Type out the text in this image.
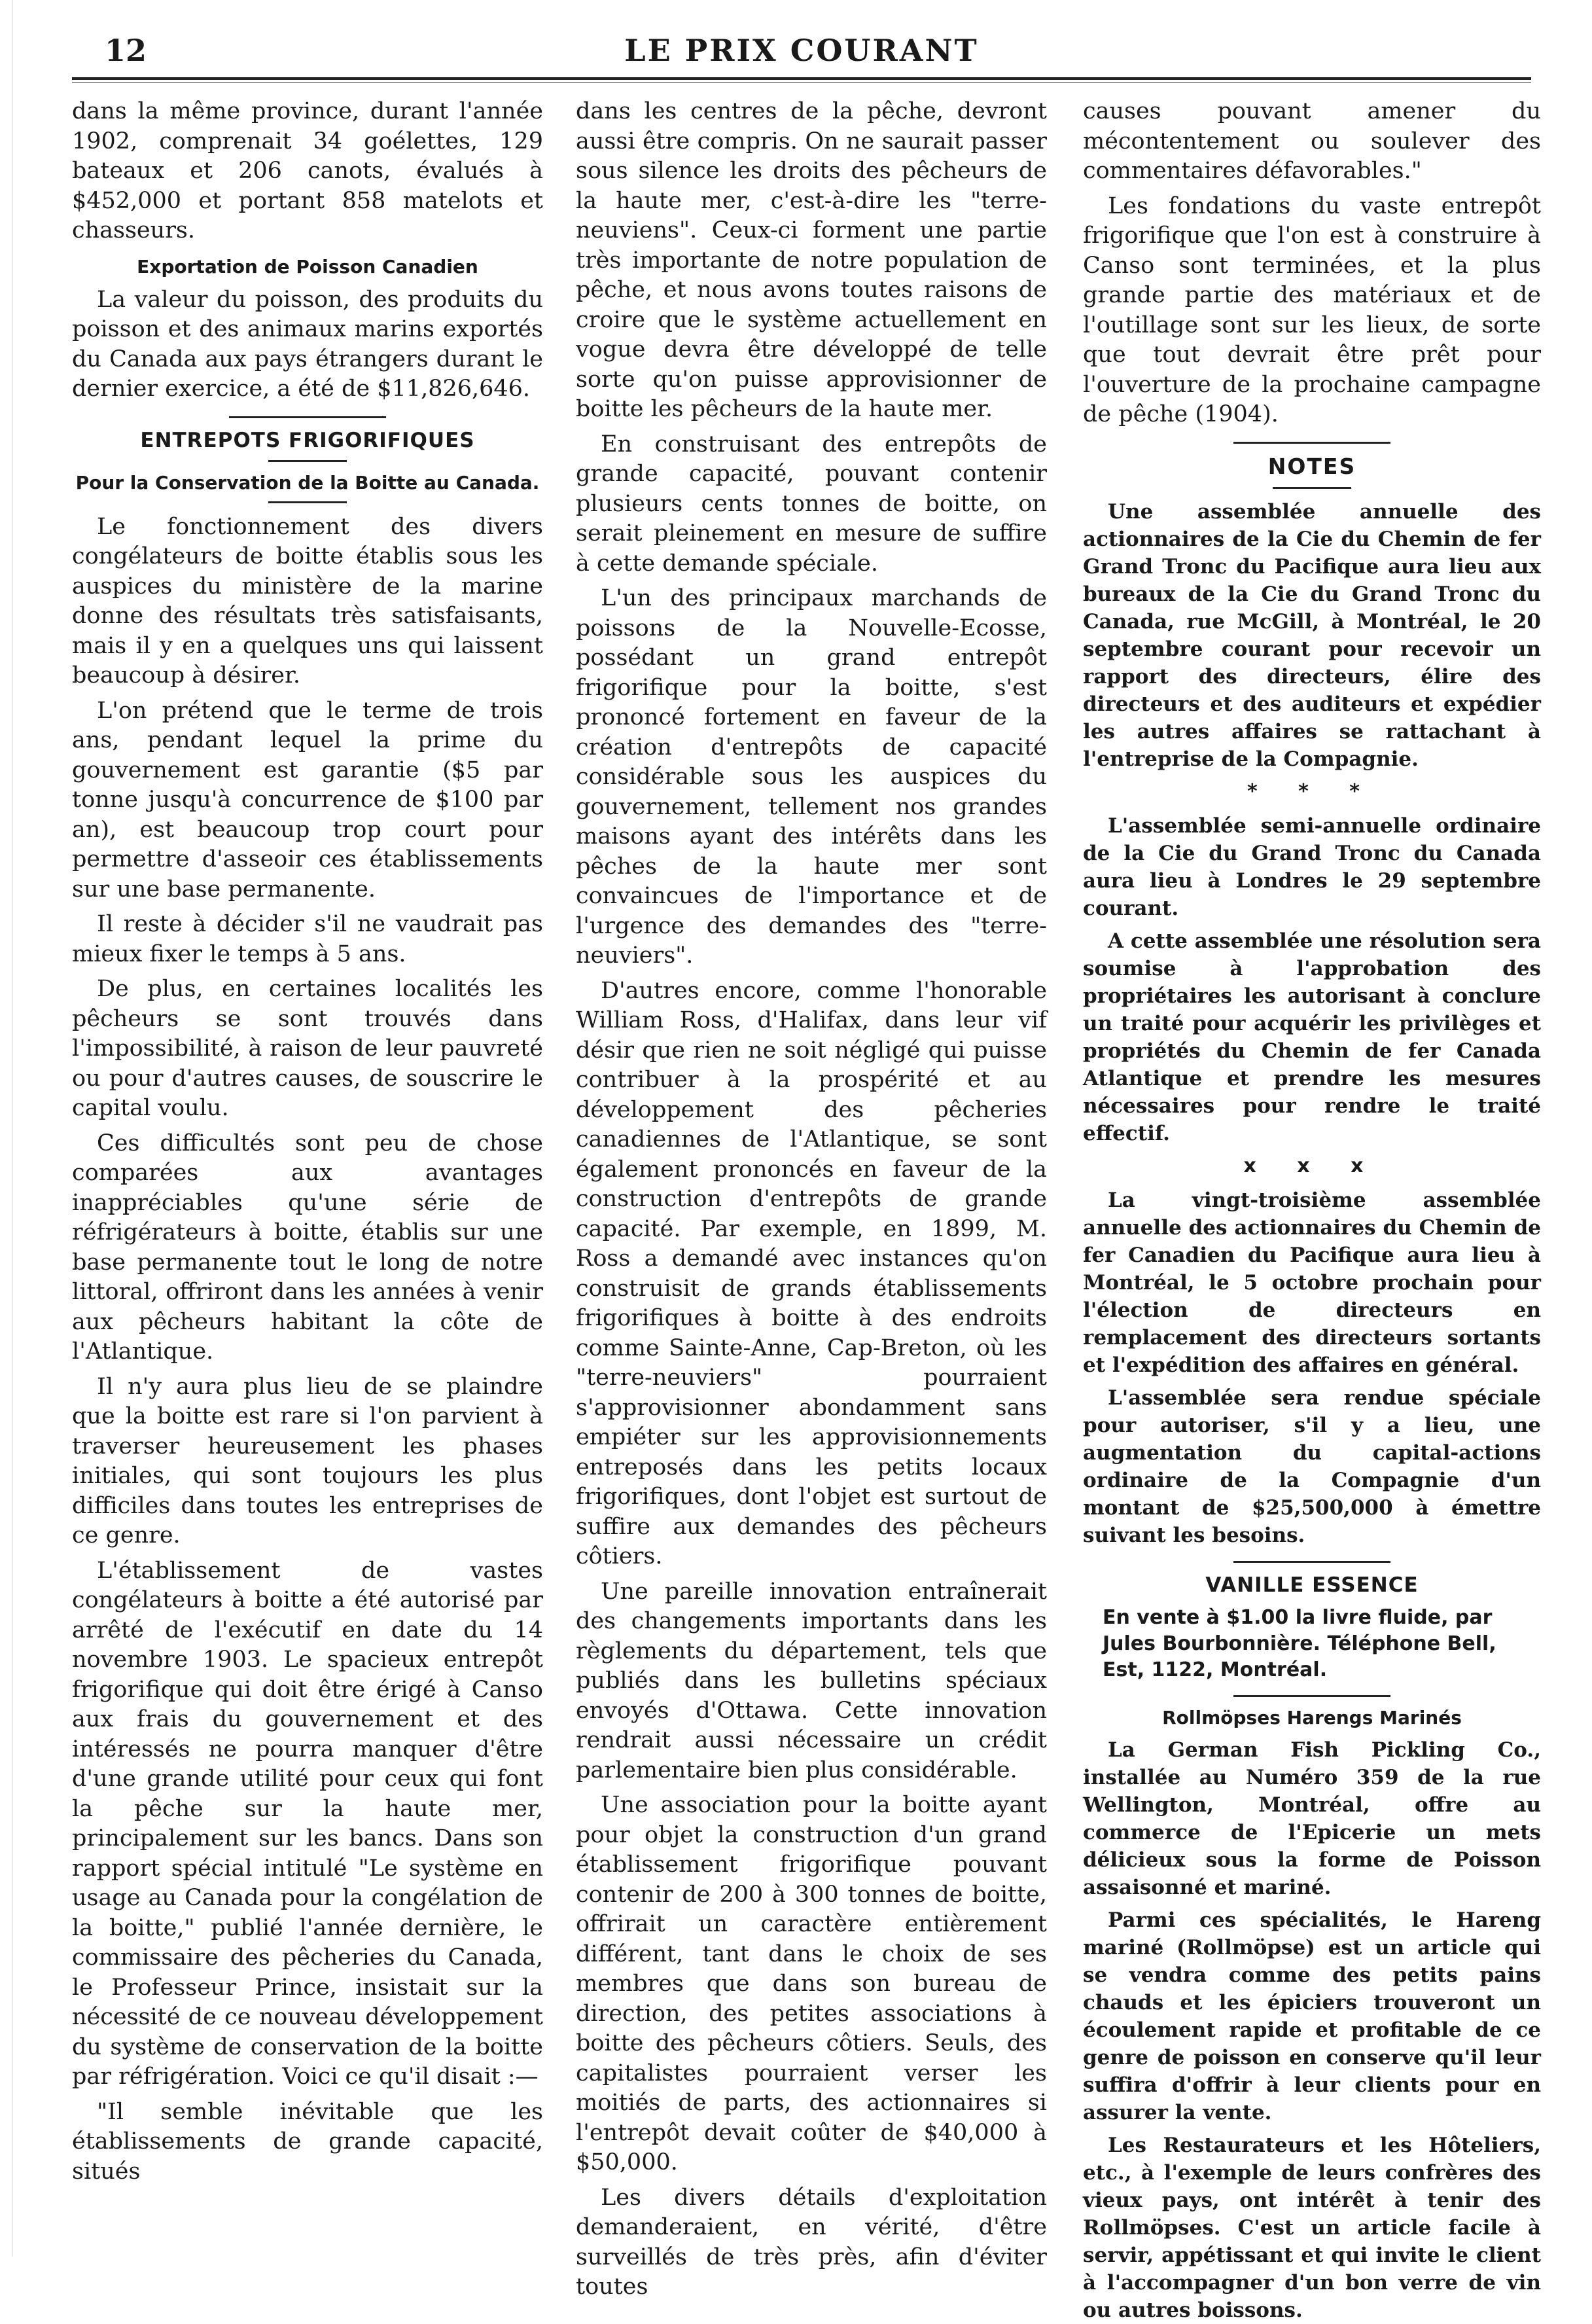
12	LE PRIX COURANT

dans la même province, durant l'année 1902, comprenait 34 goélettes, 129 bateaux et 206 canots, évalués à $452,000 et portant 858 matelots et chasseurs.

Exportation de Poisson Canadien

La valeur du poisson, des produits du poisson et des animaux marins exportés du Canada aux pays étrangers durant le dernier exercice, a été de $11,826,646.

ENTREPOTS FRIGORIFIQUES
Pour la Conservation de la Boitte au Canada.

Le fonctionnement des divers congélateurs de boitte établis sous les auspices du ministère de la marine donne des résultats très satisfaisants, mais il y en a quelques uns qui laissent beaucoup à désirer.

L'on prétend que le terme de trois ans, pendant lequel la prime du gouvernement est garantie ($5 par tonne jusqu'à concurrence de $100 par an), est beaucoup trop court pour permettre d'asseoir ces établissements sur une base permanente.

Il reste à décider s'il ne vaudrait pas mieux fixer le temps à 5 ans.

De plus, en certaines localités les pêcheurs se sont trouvés dans l'impossibilité, à raison de leur pauvreté ou pour d'autres causes, de souscrire le capital voulu.

Ces difficultés sont peu de chose comparées aux avantages inappréciables qu'une série de réfrigérateurs à boitte, établis sur une base permanente tout le long de notre littoral, offriront dans les années à venir aux pêcheurs habitant la côte de l'Atlantique.

Il n'y aura plus lieu de se plaindre que la boitte est rare si l'on parvient à traverser heureusement les phases initiales, qui sont toujours les plus difficiles dans toutes les entreprises de ce genre.

L'établissement de vastes congélateurs à boitte a été autorisé par arrêté de l'exécutif en date du 14 novembre 1903. Le spacieux entrepôt frigorifique qui doit être érigé à Canso aux frais du gouvernement et des intéressés ne pourra manquer d'être d'une grande utilité pour ceux qui font la pêche sur la haute mer, principalement sur les bancs. Dans son rapport spécial intitulé "Le système en usage au Canada pour la congélation de la boitte," publié l'année dernière, le commissaire des pêcheries du Canada, le Professeur Prince, insistait sur la nécessité de ce nouveau développement du système de conservation de la boitte par réfrigération. Voici ce qu'il disait :—

"Il semble inévitable que les établissements de grande capacité, situés

dans les centres de la pêche, devront aussi être compris. On ne saurait passer sous silence les droits des pêcheurs de la haute mer, c'est-à-dire les "terre-neuviens". Ceux-ci forment une partie très importante de notre population de pêche, et nous avons toutes raisons de croire que le système actuellement en vogue devra être développé de telle sorte qu'on puisse approvisionner de boitte les pêcheurs de la haute mer.

En construisant des entrepôts de grande capacité, pouvant contenir plusieurs cents tonnes de boitte, on serait pleinement en mesure de suffire à cette demande spéciale.

L'un des principaux marchands de poissons de la Nouvelle-Ecosse, possédant un grand entrepôt frigorifique pour la boitte, s'est prononcé fortement en faveur de la création d'entrepôts de capacité considérable sous les auspices du gouvernement, tellement nos grandes maisons ayant des intérêts dans les pêches de la haute mer sont convaincues de l'importance et de l'urgence des demandes des "terre-neuviers".

D'autres encore, comme l'honorable William Ross, d'Halifax, dans leur vif désir que rien ne soit négligé qui puisse contribuer à la prospérité et au développement des pêcheries canadiennes de l'Atlantique, se sont également prononcés en faveur de la construction d'entrepôts de grande capacité. Par exemple, en 1899, M. Ross a demandé avec instances qu'on construisit de grands établissements frigorifiques à boitte à des endroits comme Sainte-Anne, Cap-Breton, où les "terre-neuviers" pourraient s'approvisionner abondamment sans empiéter sur les approvisionnements entreposés dans les petits locaux frigorifiques, dont l'objet est surtout de suffire aux demandes des pêcheurs côtiers.

Une pareille innovation entraînerait des changements importants dans les règlements du département, tels que publiés dans les bulletins spéciaux envoyés d'Ottawa. Cette innovation rendrait aussi nécessaire un crédit parlementaire bien plus considérable.

Une association pour la boitte ayant pour objet la construction d'un grand établissement frigorifique pouvant contenir de 200 à 300 tonnes de boitte, offrirait un caractère entièrement différent, tant dans le choix de ses membres que dans son bureau de direction, des petites associations à boitte des pêcheurs côtiers. Seuls, des capitalistes pourraient verser les moitiés de parts, des actionnaires si l'entrepôt devait coûter de $40,000 à $50,000.

Les divers détails d'exploitation demanderaient, en vérité, d'être surveillés de très près, afin d'éviter toutes

causes pouvant amener du mécontentement ou soulever des commentaires défavorables."

Les fondations du vaste entrepôt frigorifique que l'on est à construire à Canso sont terminées, et la plus grande partie des matériaux et de l'outillage sont sur les lieux, de sorte que tout devrait être prêt pour l'ouverture de la prochaine campagne de pêche (1904).

NOTES

Une assemblée annuelle des actionnaires de la Cie du Chemin de fer Grand Tronc du Pacifique aura lieu aux bureaux de la Cie du Grand Tronc du Canada, rue McGill, à Montréal, le 20 septembre courant pour recevoir un rapport des directeurs, élire des directeurs et des auditeurs et expédier les autres affaires se rattachant à l'entreprise de la Compagnie.

* * *

L'assemblée semi-annuelle ordinaire de la Cie du Grand Tronc du Canada aura lieu à Londres le 29 septembre courant.

A cette assemblée une résolution sera soumise à l'approbation des propriétaires les autorisant à conclure un traité pour acquérir les privilèges et propriétés du Chemin de fer Canada Atlantique et prendre les mesures nécessaires pour rendre le traité effectif.

x x x

La vingt-troisième assemblée annuelle des actionnaires du Chemin de fer Canadien du Pacifique aura lieu à Montréal, le 5 octobre prochain pour l'élection de directeurs en remplacement des directeurs sortants et l'expédition des affaires en général.

L'assemblée sera rendue spéciale pour autoriser, s'il y a lieu, une augmentation du capital-actions ordinaire de la Compagnie d'un montant de $25,500,000 à émettre suivant les besoins.

VANILLE ESSENCE
En vente à $1.00 la livre fluide, par Jules Bourbonnière. Téléphone Bell, Est, 1122, Montréal.
Rollmöpses Harengs Marinés

La German Fish Pickling Co., installée au Numéro 359 de la rue Wellington, Montréal, offre au commerce de l'Epicerie un mets délicieux sous la forme de Poisson assaisonné et mariné.

Parmi ces spécialités, le Hareng mariné (Rollmöpse) est un article qui se vendra comme des petits pains chauds et les épiciers trouveront un écoulement rapide et profitable de ce genre de poisson en conserve qu'il leur suffira d'offrir à leur clients pour en assurer la vente.

Les Restaurateurs et les Hôteliers, etc., à l'exemple de leurs confrères des vieux pays, ont intérêt à tenir des Rollmöpses. C'est un article facile à servir, appétissant et qui invite le client à l'accompagner d'un bon verre de vin ou autres boissons.
